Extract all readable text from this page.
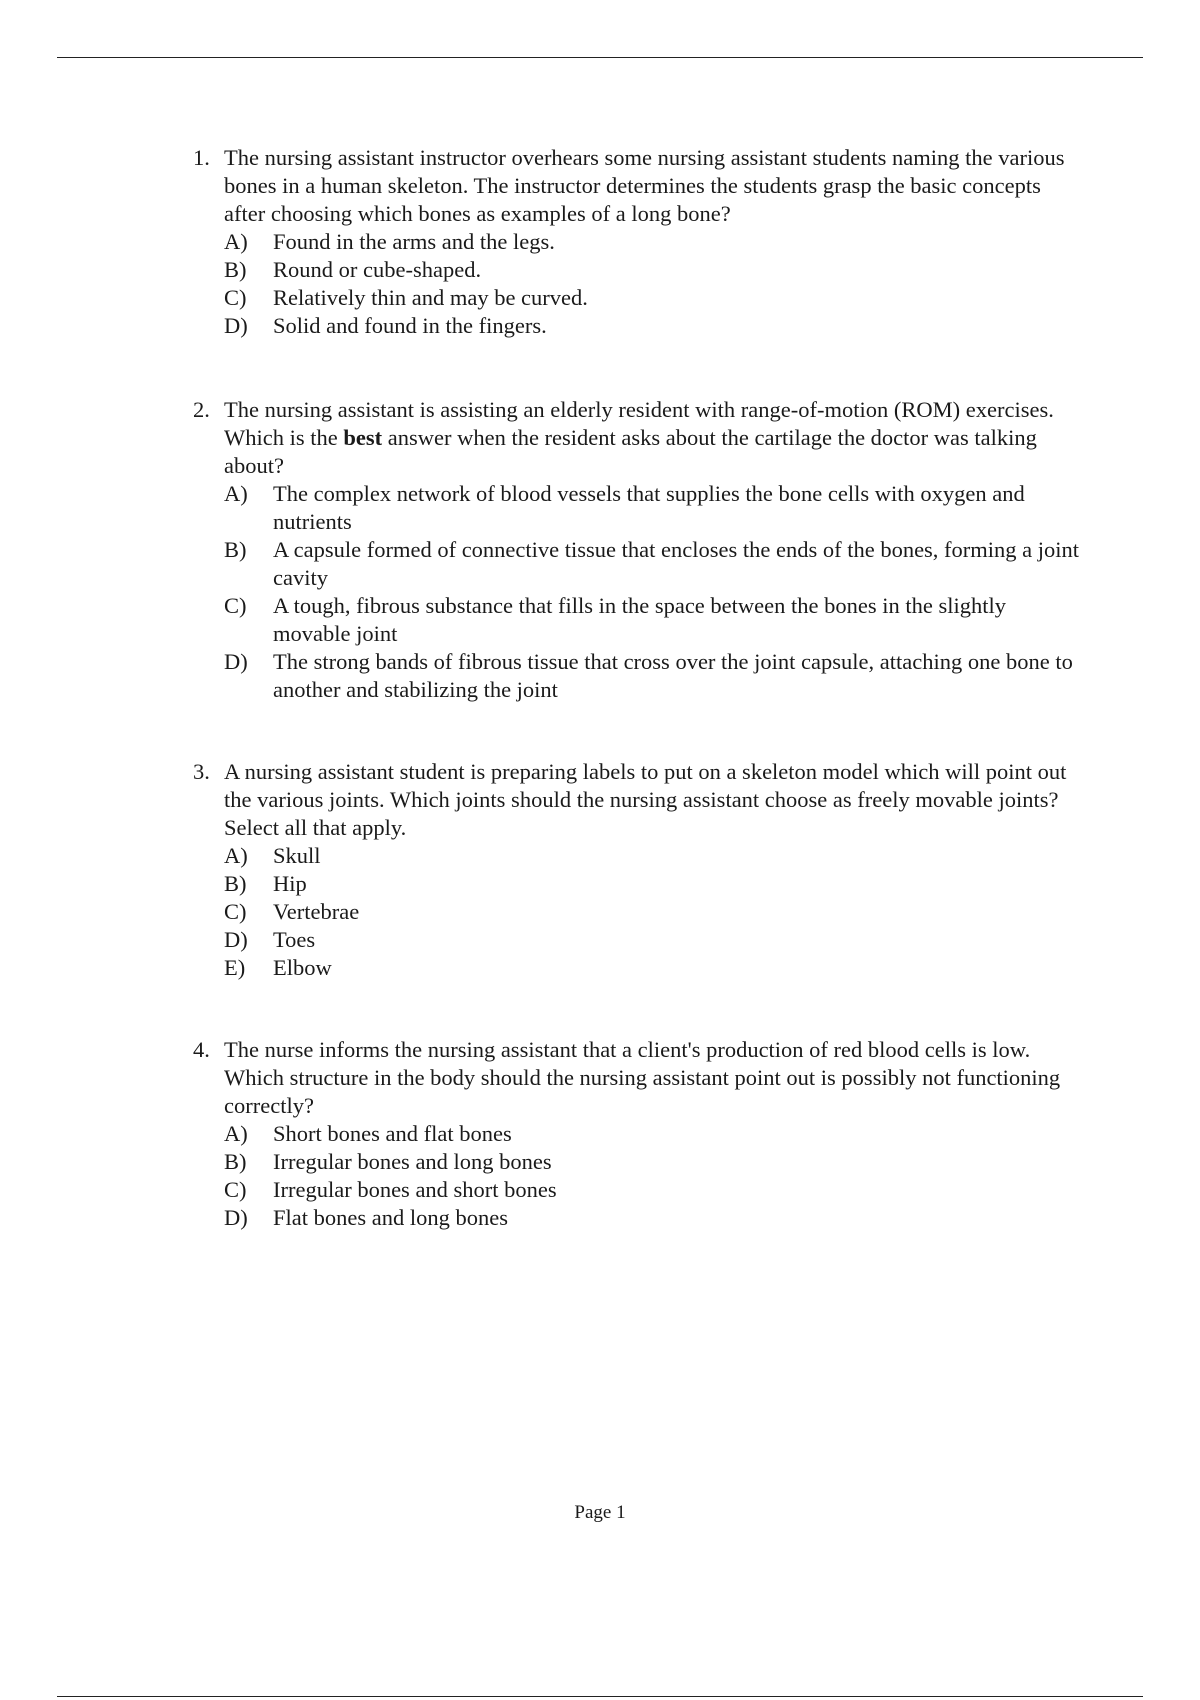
1. The nursing assistant instructor overhears some nursing assistant students naming the various bones in a human skeleton. The instructor determines the students grasp the basic concepts after choosing which bones as examples of a long bone?
A)	Found in the arms and the legs.
B)	Round or cube-shaped.
C)	Relatively thin and may be curved.
D)	Solid and found in the fingers.
2. The nursing assistant is assisting an elderly resident with range-of-motion (ROM) exercises. Which is the best answer when the resident asks about the cartilage the doctor was talking about?
A)	The complex network of blood vessels that supplies the bone cells with oxygen and nutrients
B)	A capsule formed of connective tissue that encloses the ends of the bones, forming a joint cavity
C)	A tough, fibrous substance that fills in the space between the bones in the slightly movable joint
D)	The strong bands of fibrous tissue that cross over the joint capsule, attaching one bone to another and stabilizing the joint
3. A nursing assistant student is preparing labels to put on a skeleton model which will point out the various joints. Which joints should the nursing assistant choose as freely movable joints? Select all that apply.
A)	Skull
B)	Hip
C)	Vertebrae
D)	Toes
E)	Elbow
4. The nurse informs the nursing assistant that a client's production of red blood cells is low. Which structure in the body should the nursing assistant point out is possibly not functioning correctly?
A)	Short bones and flat bones
B)	Irregular bones and long bones
C)	Irregular bones and short bones
D)	Flat bones and long bones
Page 1
